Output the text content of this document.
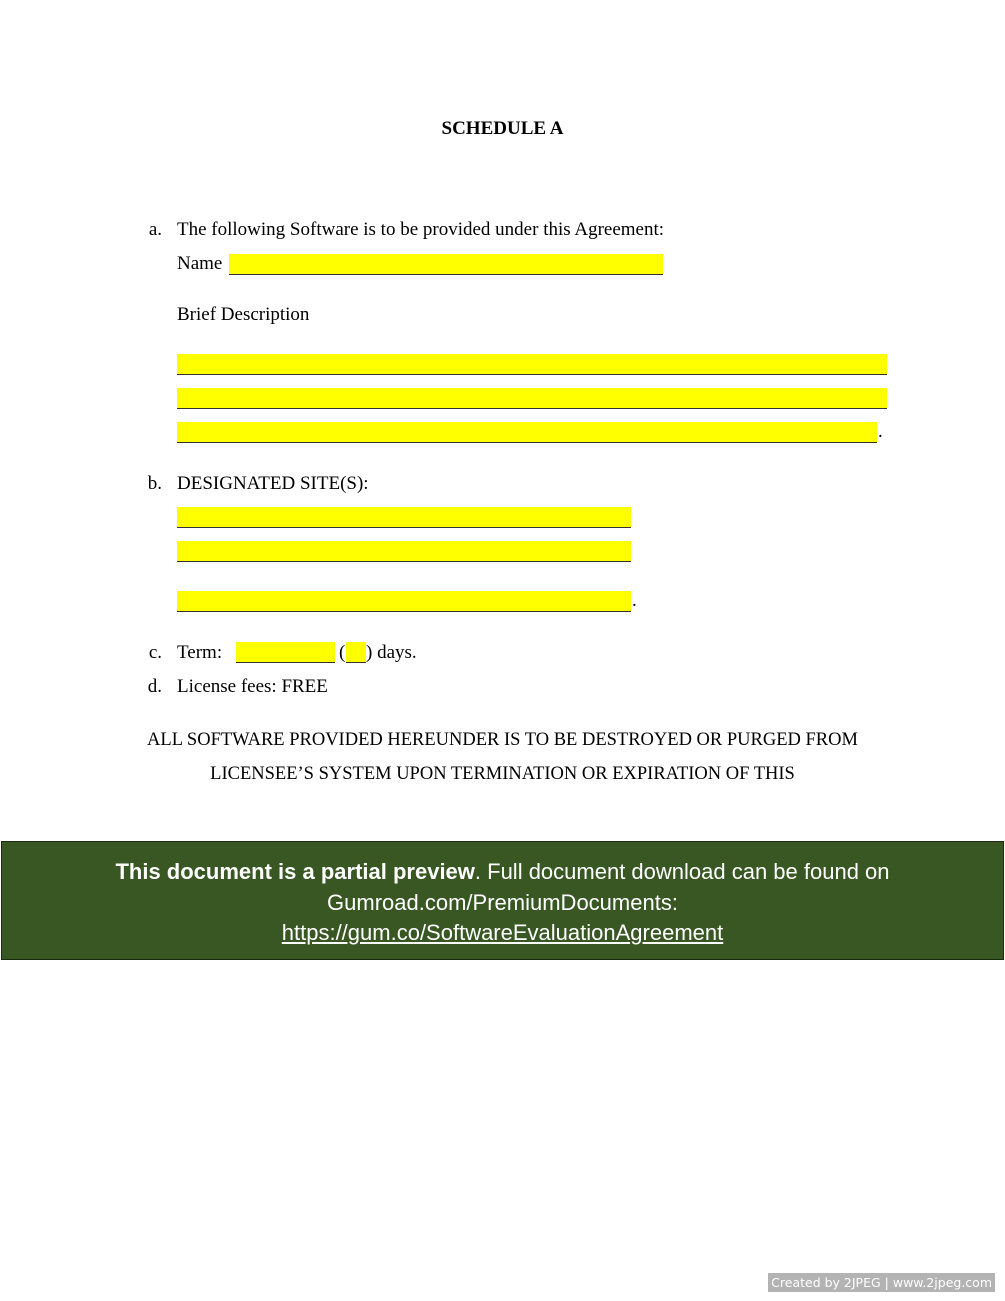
SCHEDULE A
a. The following Software is to be provided under this Agreement:
Name
Brief Description
.
b. DESIGNATED SITE(S):
.
c. Term:	( ) days.
d. License fees: FREE
ALL SOFTWARE PROVIDED HEREUNDER IS TO BE DESTROYED OR PURGED FROM
LICENSEE’S SYSTEM UPON TERMINATION OR EXPIRATION OF THIS
This document is a partial preview. Full document download can be found on
Gumroad.com/PremiumDocuments:
https://gum.co/SoftwareEvaluationAgreement
Created by 2JPEG | www.2jpeg.com
